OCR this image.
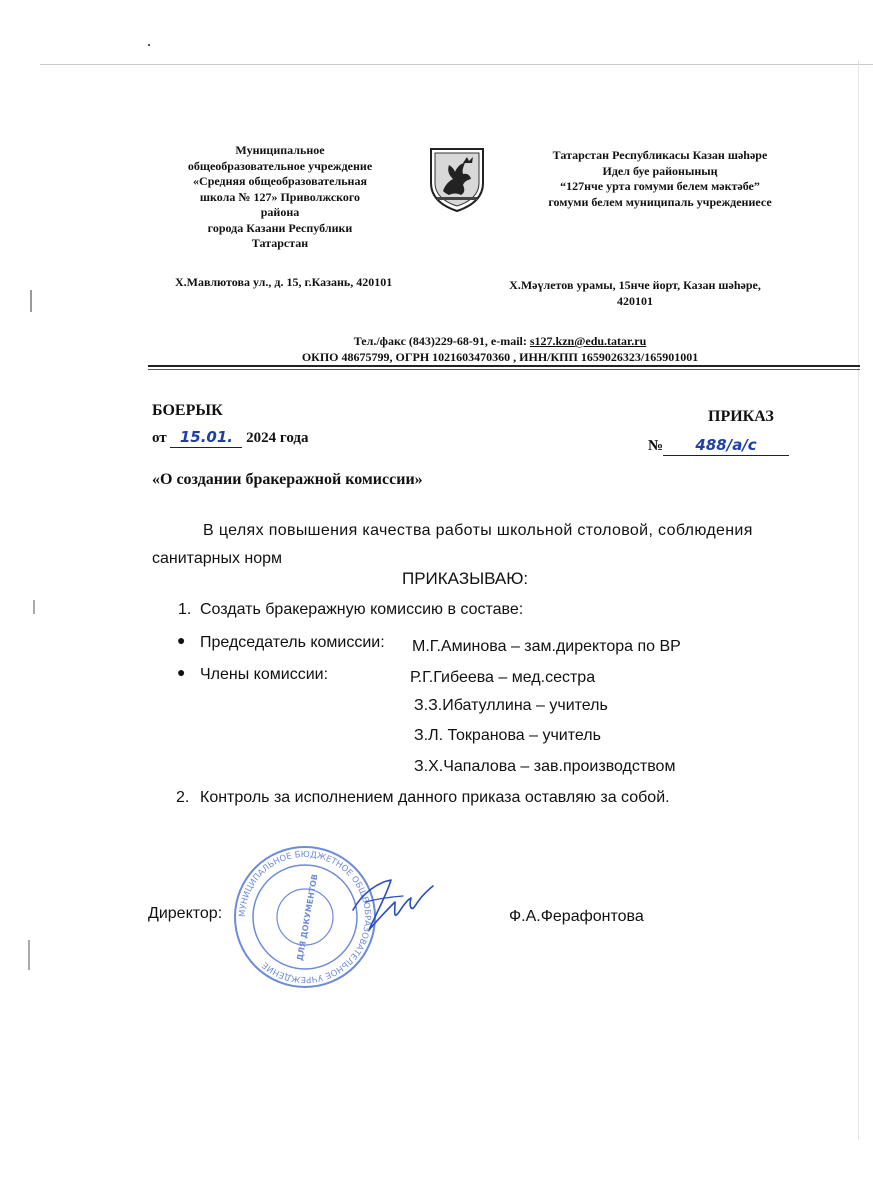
Муниципальное
общеобразовательное учреждение
«Средняя общеобразовательная
школа № 127» Приволжского
района
города Казани Республики
Татарстан
Х.Мавлютова ул., д. 15, г.Казань, 420101
Татарстан Республикасы Казан шәһәре
Идел буе районының
“127нче урта гомуми белем мәктәбе”
гомуми белем муниципаль учреждениесе
Х.Мәүлетов урамы, 15нче йорт, Казан шәһәре,
420101
Тел./факс (843)229-68-91, e-mail: s127.kzn@edu.tatar.ru
ОКПО 48675799, ОГРН 1021603470360 , ИНН/КПП 1659026323/165901001
БОЕРЫК	ПРИКАЗ
от 15.01. 2024 года	№ 488/а/с
«О создании бракеражной комиссии»
В целях повышения качества работы школьной столовой, соблюдения
санитарных норм
ПРИКАЗЫВАЮ:
1. Создать бракеражную комиссию в составе:
● Председатель комиссии: М.Г.Аминова – зам.директора по ВР
● Члены комиссии:	Р.Г.Гибеева – мед.сестра
З.З.Ибатуллина – учитель
З.Л. Токранова – учитель
З.Х.Чапалова – зав.производством
2. Контроль за исполнением данного приказа оставляю за собой.
Директор:	Ф.А.Ферафонтова
МУНИЦИПАЛЬНОЕ БЮДЖЕТНОЕ ОБЩЕОБРАЗОВАТЕЛЬНОЕ УЧРЕЖДЕНИЕ
ДЛЯ ДОКУМЕНТОВ
